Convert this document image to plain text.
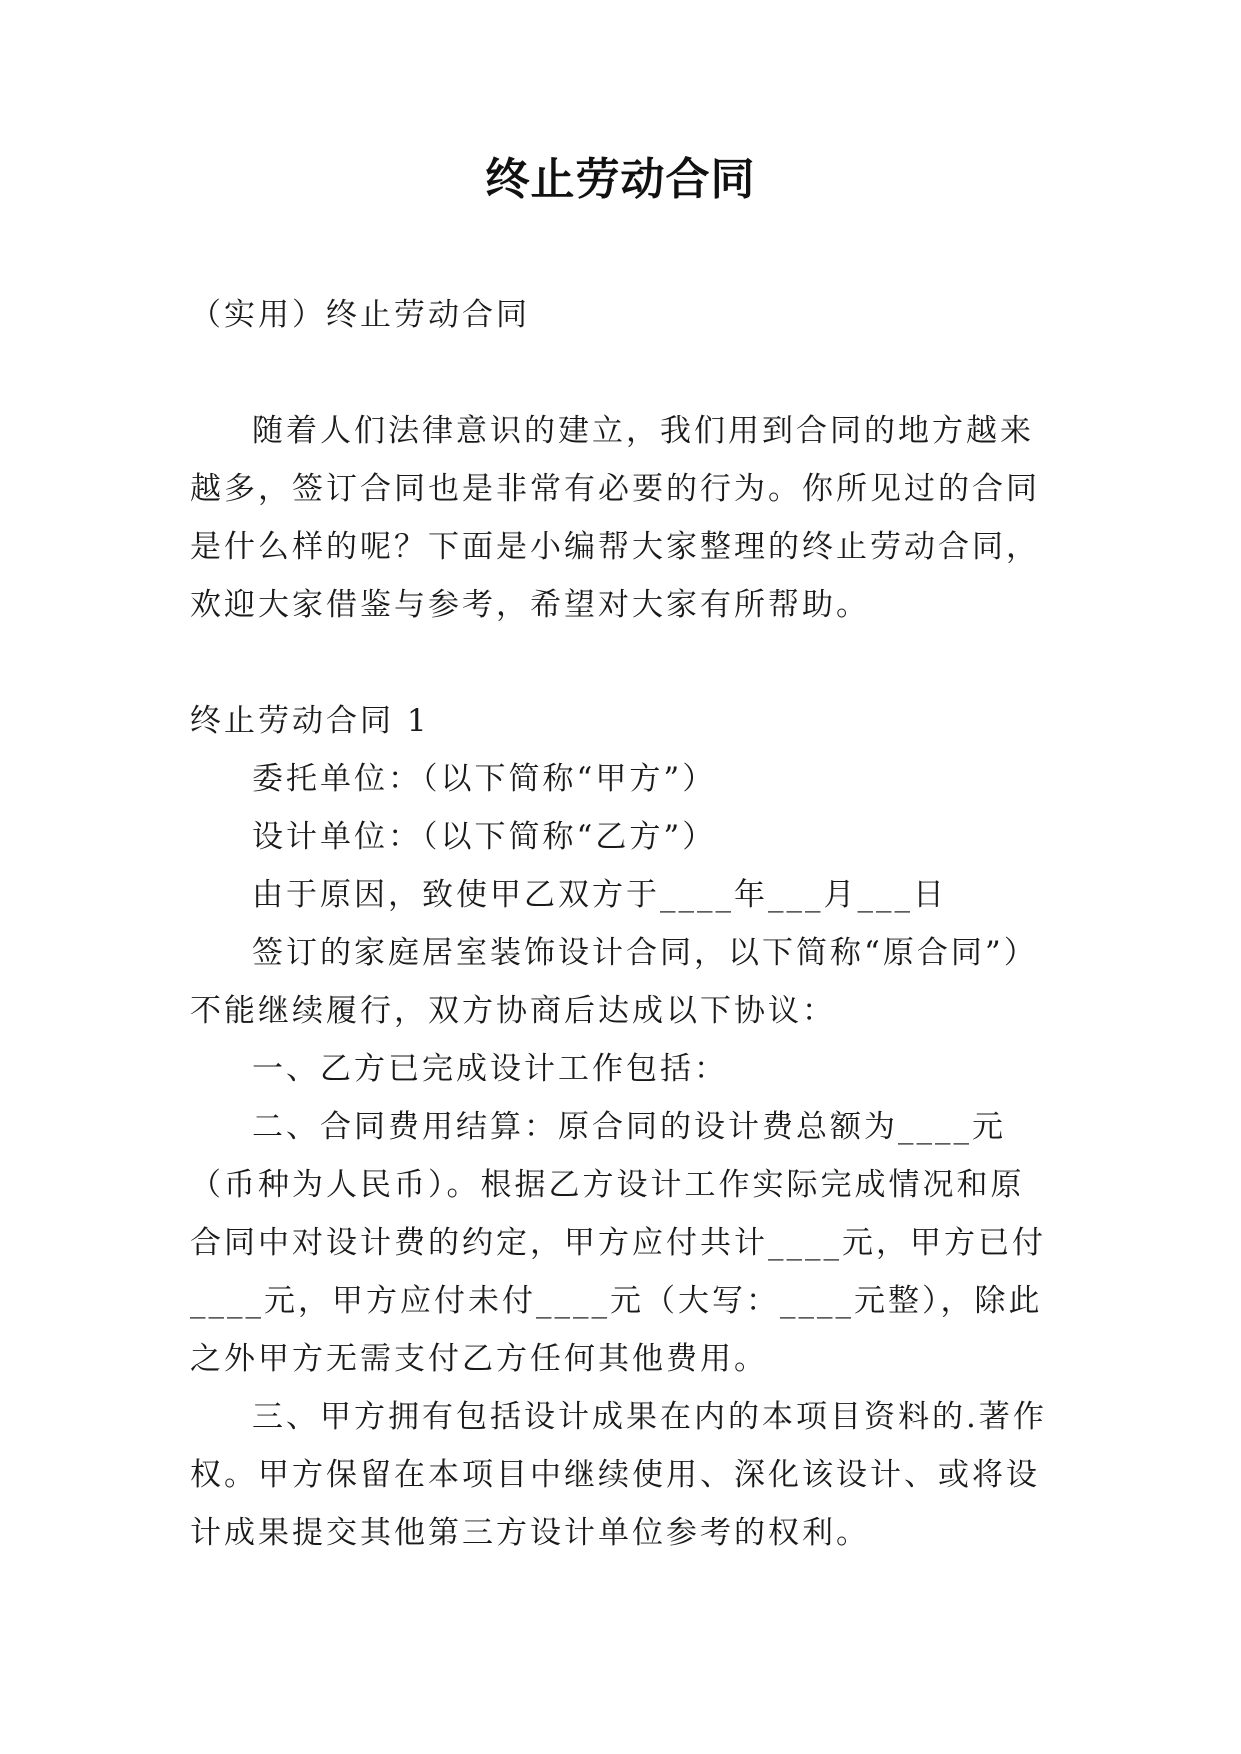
终止劳动合同

（实用）终止劳动合同

随着人们法律意识的建立，我们用到合同的地方越来越多，签订合同也是非常有必要的行为。你所见过的合同是什么样的呢？下面是小编帮大家整理的终止劳动合同，欢迎大家借鉴与参考，希望对大家有所帮助。

终止劳动合同 1

委托单位：（以下简称“甲方”）

设计单位：（以下简称“乙方”）

由于原因，致使甲乙双方于____年___月___日

签订的家庭居室装饰设计合同，以下简称“原合同”）不能继续履行，双方协商后达成以下协议：

一、乙方已完成设计工作包括：

二、合同费用结算：原合同的设计费总额为____元（币种为人民币）。根据乙方设计工作实际完成情况和原合同中对设计费的约定，甲方应付共计____元，甲方已付____元，甲方应付未付____元（大写：____元整），除此之外甲方无需支付乙方任何其他费用。

三、甲方拥有包括设计成果在内的本项目资料的.著作权。甲方保留在本项目中继续使用、深化该设计、或将设计成果提交其他第三方设计单位参考的权利。
